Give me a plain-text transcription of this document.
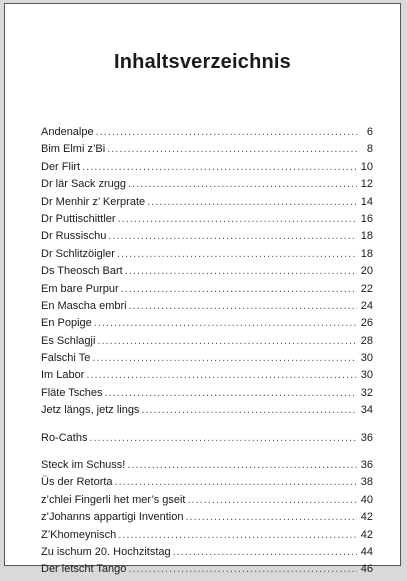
Inhaltsverzeichnis
Andenalpe .....	6
Bim Elmi z’Bi .....	8
Der Flirt .....	10
Dr lär Sack zrugg .....	12
Dr Menhir z’ Kerprate .....	14
Dr Puttischittler .....	16
Dr Russischu .....	18
Dr Schlitzöigler .....	18
Ds Theosch Bart .....	20
Em bare Purpur .....	22
En Mascha embri .....	24
En Popige .....	26
Es Schlagji .....	28
Falschi Te .....	30
Im Labor .....	30
Fläte Tsches .....	32
Jetz längs, jetz lings .....	34
Ro-Caths .....	36
Steck im Schuss! .....	36
Üs der Retorta .....	38
z’chlei Fingerli het mer’s gseit .....	40
z’Johanns appartigi Invention .....	42
Z’Khomeynisch .....	42
Zu ischum 20. Hochzitstag .....	44
Der letscht Tango .....	46
